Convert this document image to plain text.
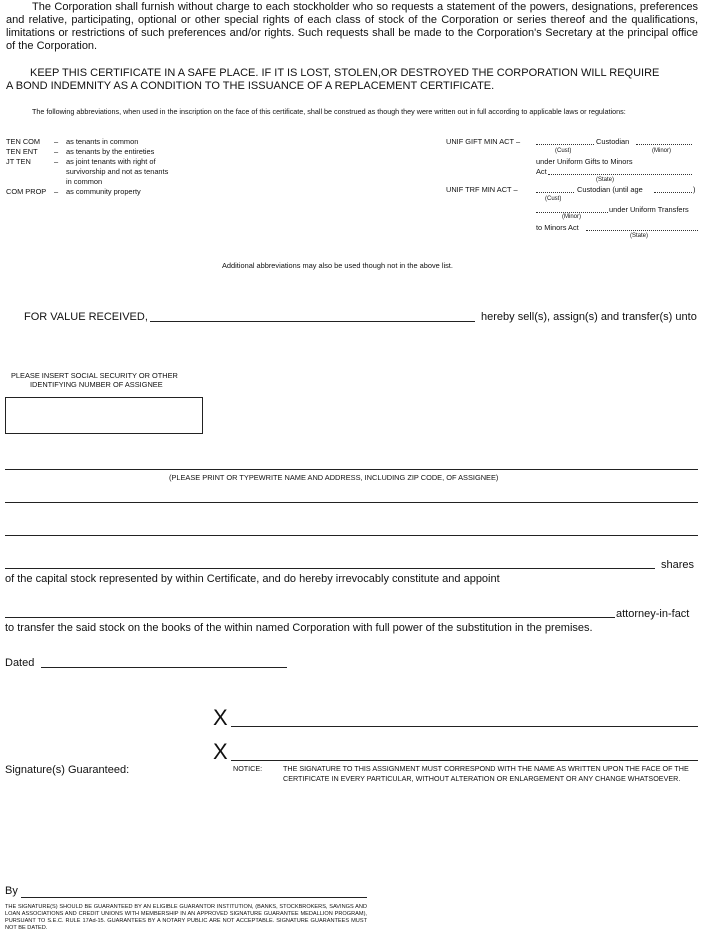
The Corporation shall furnish without charge to each stockholder who so requests a statement of the powers, designations, preferences and relative, participating, optional or other special rights of each class of stock of the Corporation or series thereof and the qualifications, limitations or restrictions of such preferences and/or rights. Such requests shall be made to the Corporation's Secretary at the principal office of the Corporation.
KEEP THIS CERTIFICATE IN A SAFE PLACE. IF IT IS LOST, STOLEN,OR DESTROYED THE CORPORATION WILL REQUIRE
A BOND INDEMNITY AS A CONDITION TO THE ISSUANCE OF A REPLACEMENT CERTIFICATE.
The following abbreviations, when used in the inscription on the face of this certificate, shall be construed as though they were written out in full according to applicable laws or regulations:
TEN COM – as tenants in common
TEN ENT – as tenants by the entireties
JT TEN	– as joint tenants with right of
survivorship and not as tenants
in common
COM PROP – as community property
UNIF GIFT MIN ACT –	Custodian
(Cust)	(Minor)
under Uniform Gifts to Minors
Act
(State)
UNIF TRF MIN ACT –	Custodian (until age	)
(Cust)
under Uniform Transfers
(Minor)
to Minors Act
(State)
Additional abbreviations may also be used though not in the above list.
FOR VALUE RECEIVED,	hereby sell(s), assign(s) and transfer(s) unto
PLEASE INSERT SOCIAL SECURITY OR OTHER
IDENTIFYING NUMBER OF ASSIGNEE
(PLEASE PRINT OR TYPEWRITE NAME AND ADDRESS, INCLUDING ZIP CODE, OF ASSIGNEE)
shares
of the capital stock represented by within Certificate, and do hereby irrevocably constitute and appoint
attorney-in-fact
to transfer the said stock on the books of the within named Corporation with full power of the substitution in the premises.
Dated
X
X
Signature(s) Guaranteed:	NOTICE:	THE SIGNATURE TO THIS ASSIGNMENT MUST CORRESPOND WITH THE NAME AS WRITTEN UPON THE FACE OF THE CERTIFICATE IN EVERY PARTICULAR, WITHOUT ALTERATION OR ENLARGEMENT OR ANY CHANGE WHATSOEVER.
By
THE SIGNATURE(S) SHOULD BE GUARANTEED BY AN ELIGIBLE GUARANTOR INSTITUTION, (BANKS, STOCKBROKERS, SAVINGS AND LOAN ASSOCIATIONS AND CREDIT UNIONS WITH MEMBERSHIP IN AN APPROVED SIGNATURE GUARANTEE MEDALLION PROGRAM), PURSUANT TO S.E.C. RULE 17Ad-15. GUARANTEES BY A NOTARY PUBLIC ARE NOT ACCEPTABLE. SIGNATURE GUARANTEES MUST NOT BE DATED.
